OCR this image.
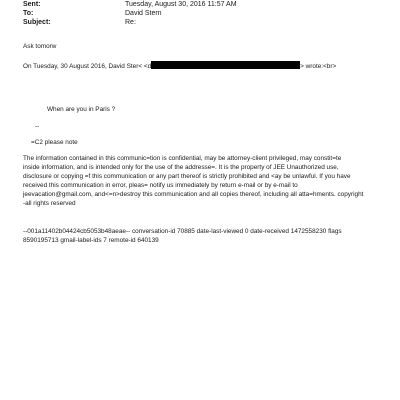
Sent:	Tuesday, August 30, 2016 11:57 AM
To:	David Stern
Subject:	Re:
Ask tomorw
On Tuesday, 30 August 2016, David Ster< <d	> wrote:<br>
When are you in Paris ?
--
=C2 please note
The information contained in this communic=tion is confidential, may be attorney-client privileged, may constit=te
inside information, and is intended only for the use of the addresse=. It is the property of JEE Unauthorized use,
disclosure or copying =f this communication or any part thereof is strictly prohibited and <ay be unlawful. If you have
received this communication in error, pleas= notify us immediately by return e-mail or by e-mail to
jeevacation@gmail.com, and<=n>destroy this communication and all copies thereof, including all atta=hments. copyright
-all rights reserved
--001a11402b04424cb5053b48aeae-- conversation-id 70885 date-last-viewed 0 date-received 1472558230 flags
8590195713 gmail-label-ids 7 remote-id 640139
